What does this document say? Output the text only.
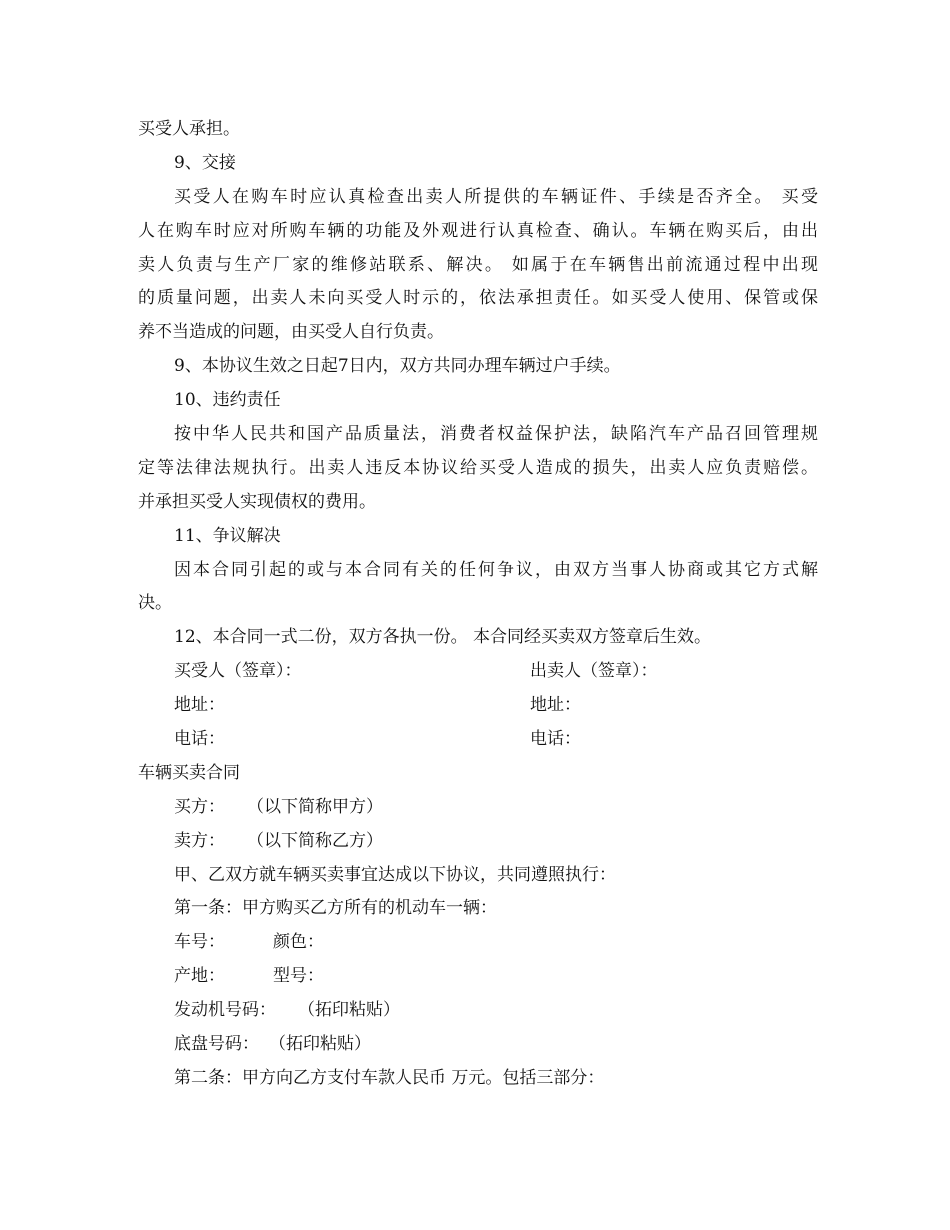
买受人承担。
9、交接
买受人在购车时应认真检查出卖人所提供的车辆证件、手续是否齐全。 买受
人在购车时应对所购车辆的功能及外观进行认真检查、确认。车辆在购买后，由出
卖人负责与生产厂家的维修站联系、解决。 如属于在车辆售出前流通过程中出现
的质量问题，出卖人未向买受人时示的，依法承担责任。如买受人使用、保管或保
养不当造成的问题，由买受人自行负责。
9、本协议生效之日起7日内，双方共同办理车辆过户手续。
10、违约责任
按中华人民共和国产品质量法，消费者权益保护法，缺陷汽车产品召回管理规
定等法律法规执行。出卖人违反本协议给买受人造成的损失，出卖人应负责赔偿。
并承担买受人实现债权的费用。
11、争议解决
因本合同引起的或与本合同有关的任何争议，由双方当事人协商或其它方式解
决。
12、本合同一式二份，双方各执一份。 本合同经买卖双方签章后生效。
买受人（签章）：	出卖人（签章）：
地址：	地址：
电话：	电话：
车辆买卖合同
买方： （以下简称甲方）
卖方： （以下简称乙方）
甲、乙双方就车辆买卖事宜达成以下协议，共同遵照执行：
第一条：甲方购买乙方所有的机动车一辆：
车号：	颜色：
产地：	型号：
发动机号码： （拓印粘贴）
底盘号码： （拓印粘贴）
第二条：甲方向乙方支付车款人民币 万元。包括三部分：
